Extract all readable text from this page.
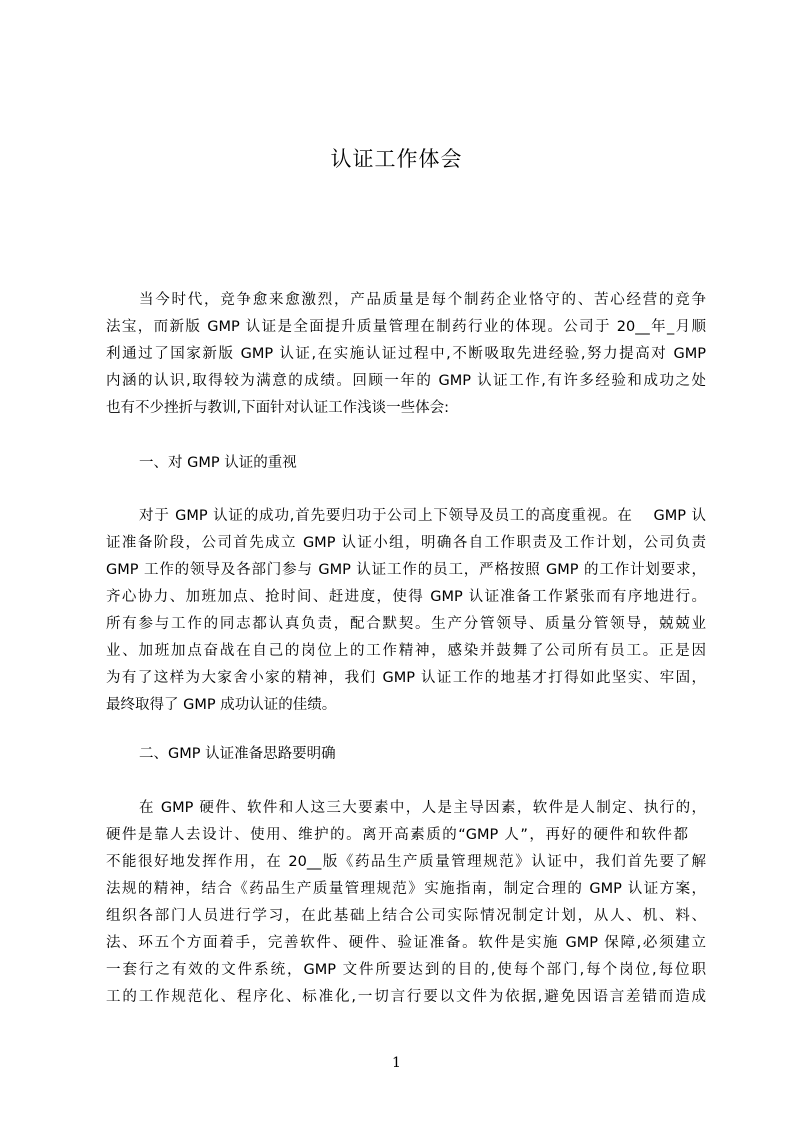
认证工作体会
当今时代，竞争愈来愈激烈，产品质量是每个制药企业恪守的、苦心经营的竞争
法宝，而新版 GMP 认证是全面提升质量管理在制药行业的体现。公司于 20__年_月顺
利通过了国家新版 GMP 认证,在实施认证过程中,不断吸取先进经验,努力提高对 GMP
内涵的认识,取得较为满意的成绩。回顾一年的 GMP 认证工作,有许多经验和成功之处
也有不少挫折与教训,下面针对认证工作浅谈一些体会:
一、对 GMP 认证的重视
对于 GMP 认证的成功,首先要归功于公司上下领导及员工的高度重视。在　 GMP 认
证准备阶段，公司首先成立 GMP 认证小组，明确各自工作职责及工作计划，公司负责
GMP 工作的领导及各部门参与 GMP 认证工作的员工，严格按照 GMP 的工作计划要求，
齐心协力、加班加点、抢时间、赶进度，使得 GMP 认证准备工作紧张而有序地进行。
所有参与工作的同志都认真负责，配合默契。生产分管领导、质量分管领导，兢兢业
业、加班加点奋战在自己的岗位上的工作精神，感染并鼓舞了公司所有员工。正是因
为有了这样为大家舍小家的精神，我们 GMP 认证工作的地基才打得如此坚实、牢固，
最终取得了 GMP 成功认证的佳绩。
二、GMP 认证准备思路要明确
在 GMP 硬件、软件和人这三大要素中，人是主导因素，软件是人制定、执行的，
硬件是靠人去设计、使用、维护的。离开高素质的“GMP 人”，再好的硬件和软件都
不能很好地发挥作用，在 20__版《药品生产质量管理规范》认证中，我们首先要了解
法规的精神，结合《药品生产质量管理规范》实施指南，制定合理的 GMP 认证方案，
组织各部门人员进行学习，在此基础上结合公司实际情况制定计划，从人、机、料、
法、环五个方面着手，完善软件、硬件、验证准备。软件是实施 GMP 保障,必须建立
一套行之有效的文件系统，GMP 文件所要达到的目的,使每个部门,每个岗位,每位职
工的工作规范化、程序化、标准化,一切言行要以文件为依据,避免因语言差错而造成
1
